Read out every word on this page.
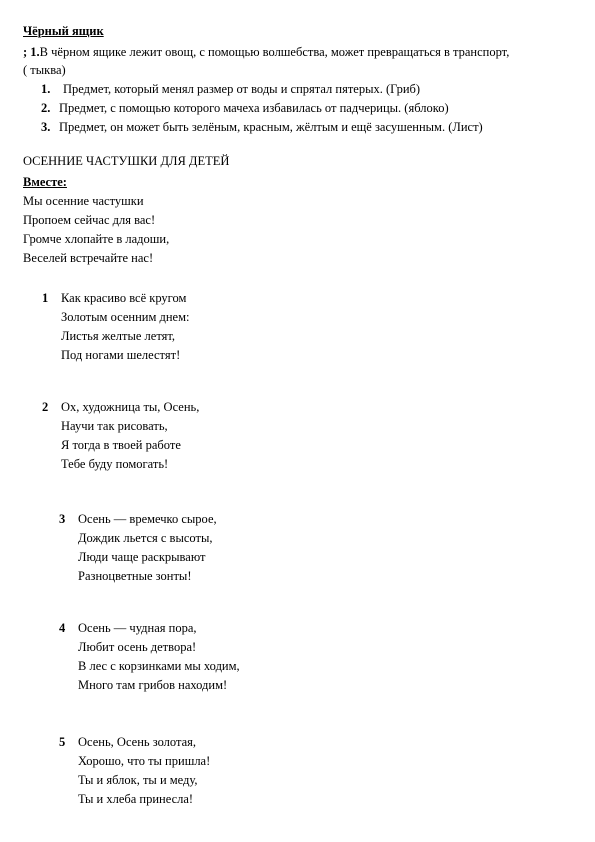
Чёрный ящик
; 1.В чёрном ящике лежит овощ, с помощью волшебства, может превращаться в транспорт,
( тыква)
1. Предмет, который менял размер от воды и спрятал пятерых. (Гриб)
2. Предмет, с помощью которого мачеха избавилась от падчерицы. (яблоко)
3. Предмет, он может быть зелёным, красным, жёлтым и ещё засушенным. (Лист)
ОСЕННИЕ ЧАСТУШКИ ДЛЯ ДЕТЕЙ
Вместе:
Мы осенние частушки
Пропоем сейчас для вас!
Громче хлопайте в ладоши,
Веселей встречайте нас!
1 Как красиво всё кругом
Золотым осенним днем:
Листья желтые летят,
Под ногами шелестят!
2 Ох, художница ты, Осень,
Научи так рисовать,
Я тогда в твоей работе
Тебе буду помогать!
3 Осень — времечко сырое,
Дождик льется с высоты,
Люди чаще раскрывают
Разноцветные зонты!
4 Осень — чудная пора,
Любит осень детвора!
В лес с корзинками мы ходим,
Много там грибов находим!
5 Осень, Осень золотая,
Хорошо, что ты пришла!
Ты и яблок, ты и меду,
Ты и хлеба принесла!
